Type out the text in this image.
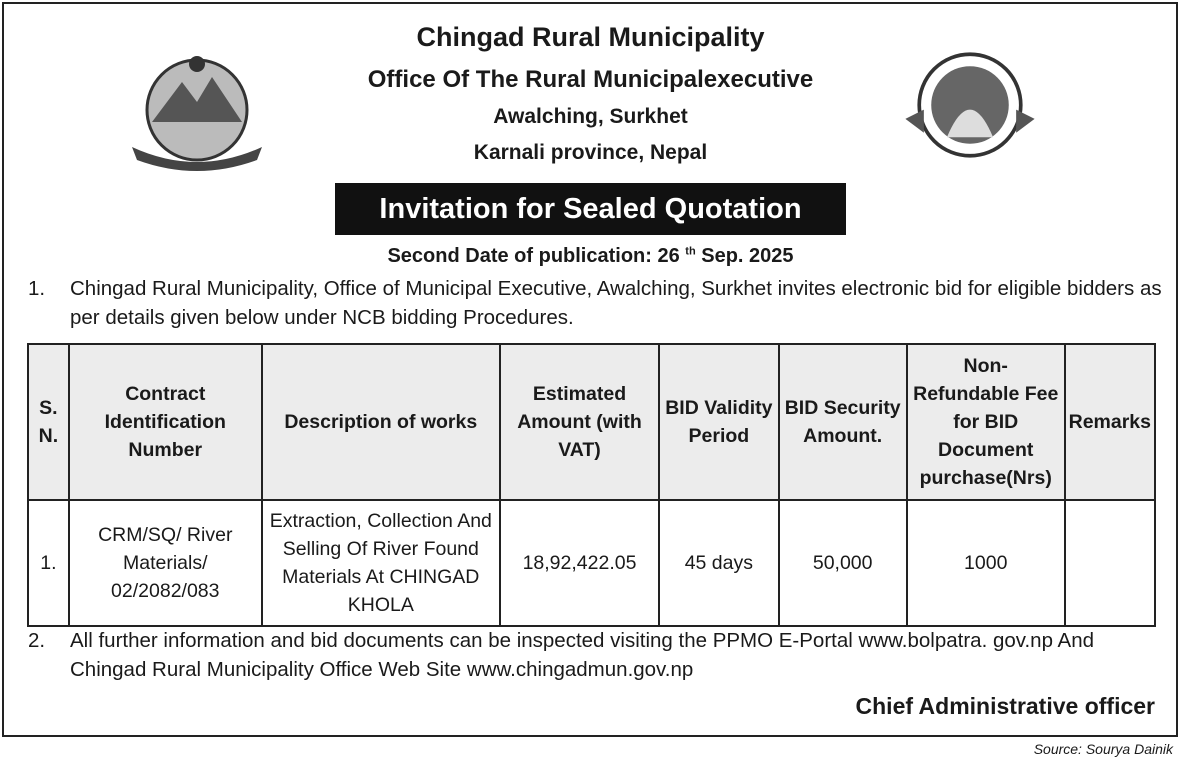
Chingad Rural Municipality
Office Of The Rural Municipalexecutive
Awalching, Surkhet
Karnali province, Nepal
Invitation for Sealed Quotation
Second Date of publication: 26 $^{th}$ Sep. 2025
1.	Chingad Rural Municipality, Office of Municipal Executive, Awalching, Surkhet invites electronic bid for eligible bidders as per details given below under NCB bidding Procedures.
S. N.	Contract Identification Number	Description of works	Estimated Amount (with VAT)	BID Validity Period	BID Security Amount.	Non-Refundable Fee for BID Document purchase(Nrs)	Remarks
1.	CRM/SQ/ River Materials/ 02/2082/083	Extraction, Collection And Selling Of River Found Materials At CHINGAD KHOLA	18,92,422.05	45 days	50,000	1000	
2.	All further information and bid documents can be inspected visiting the PPMO E-Portal www.bolpatra. gov.np And Chingad Rural Municipality Office Web Site www.chingadmun.gov.np
Chief Administrative officer
Source: Sourya Dainik
